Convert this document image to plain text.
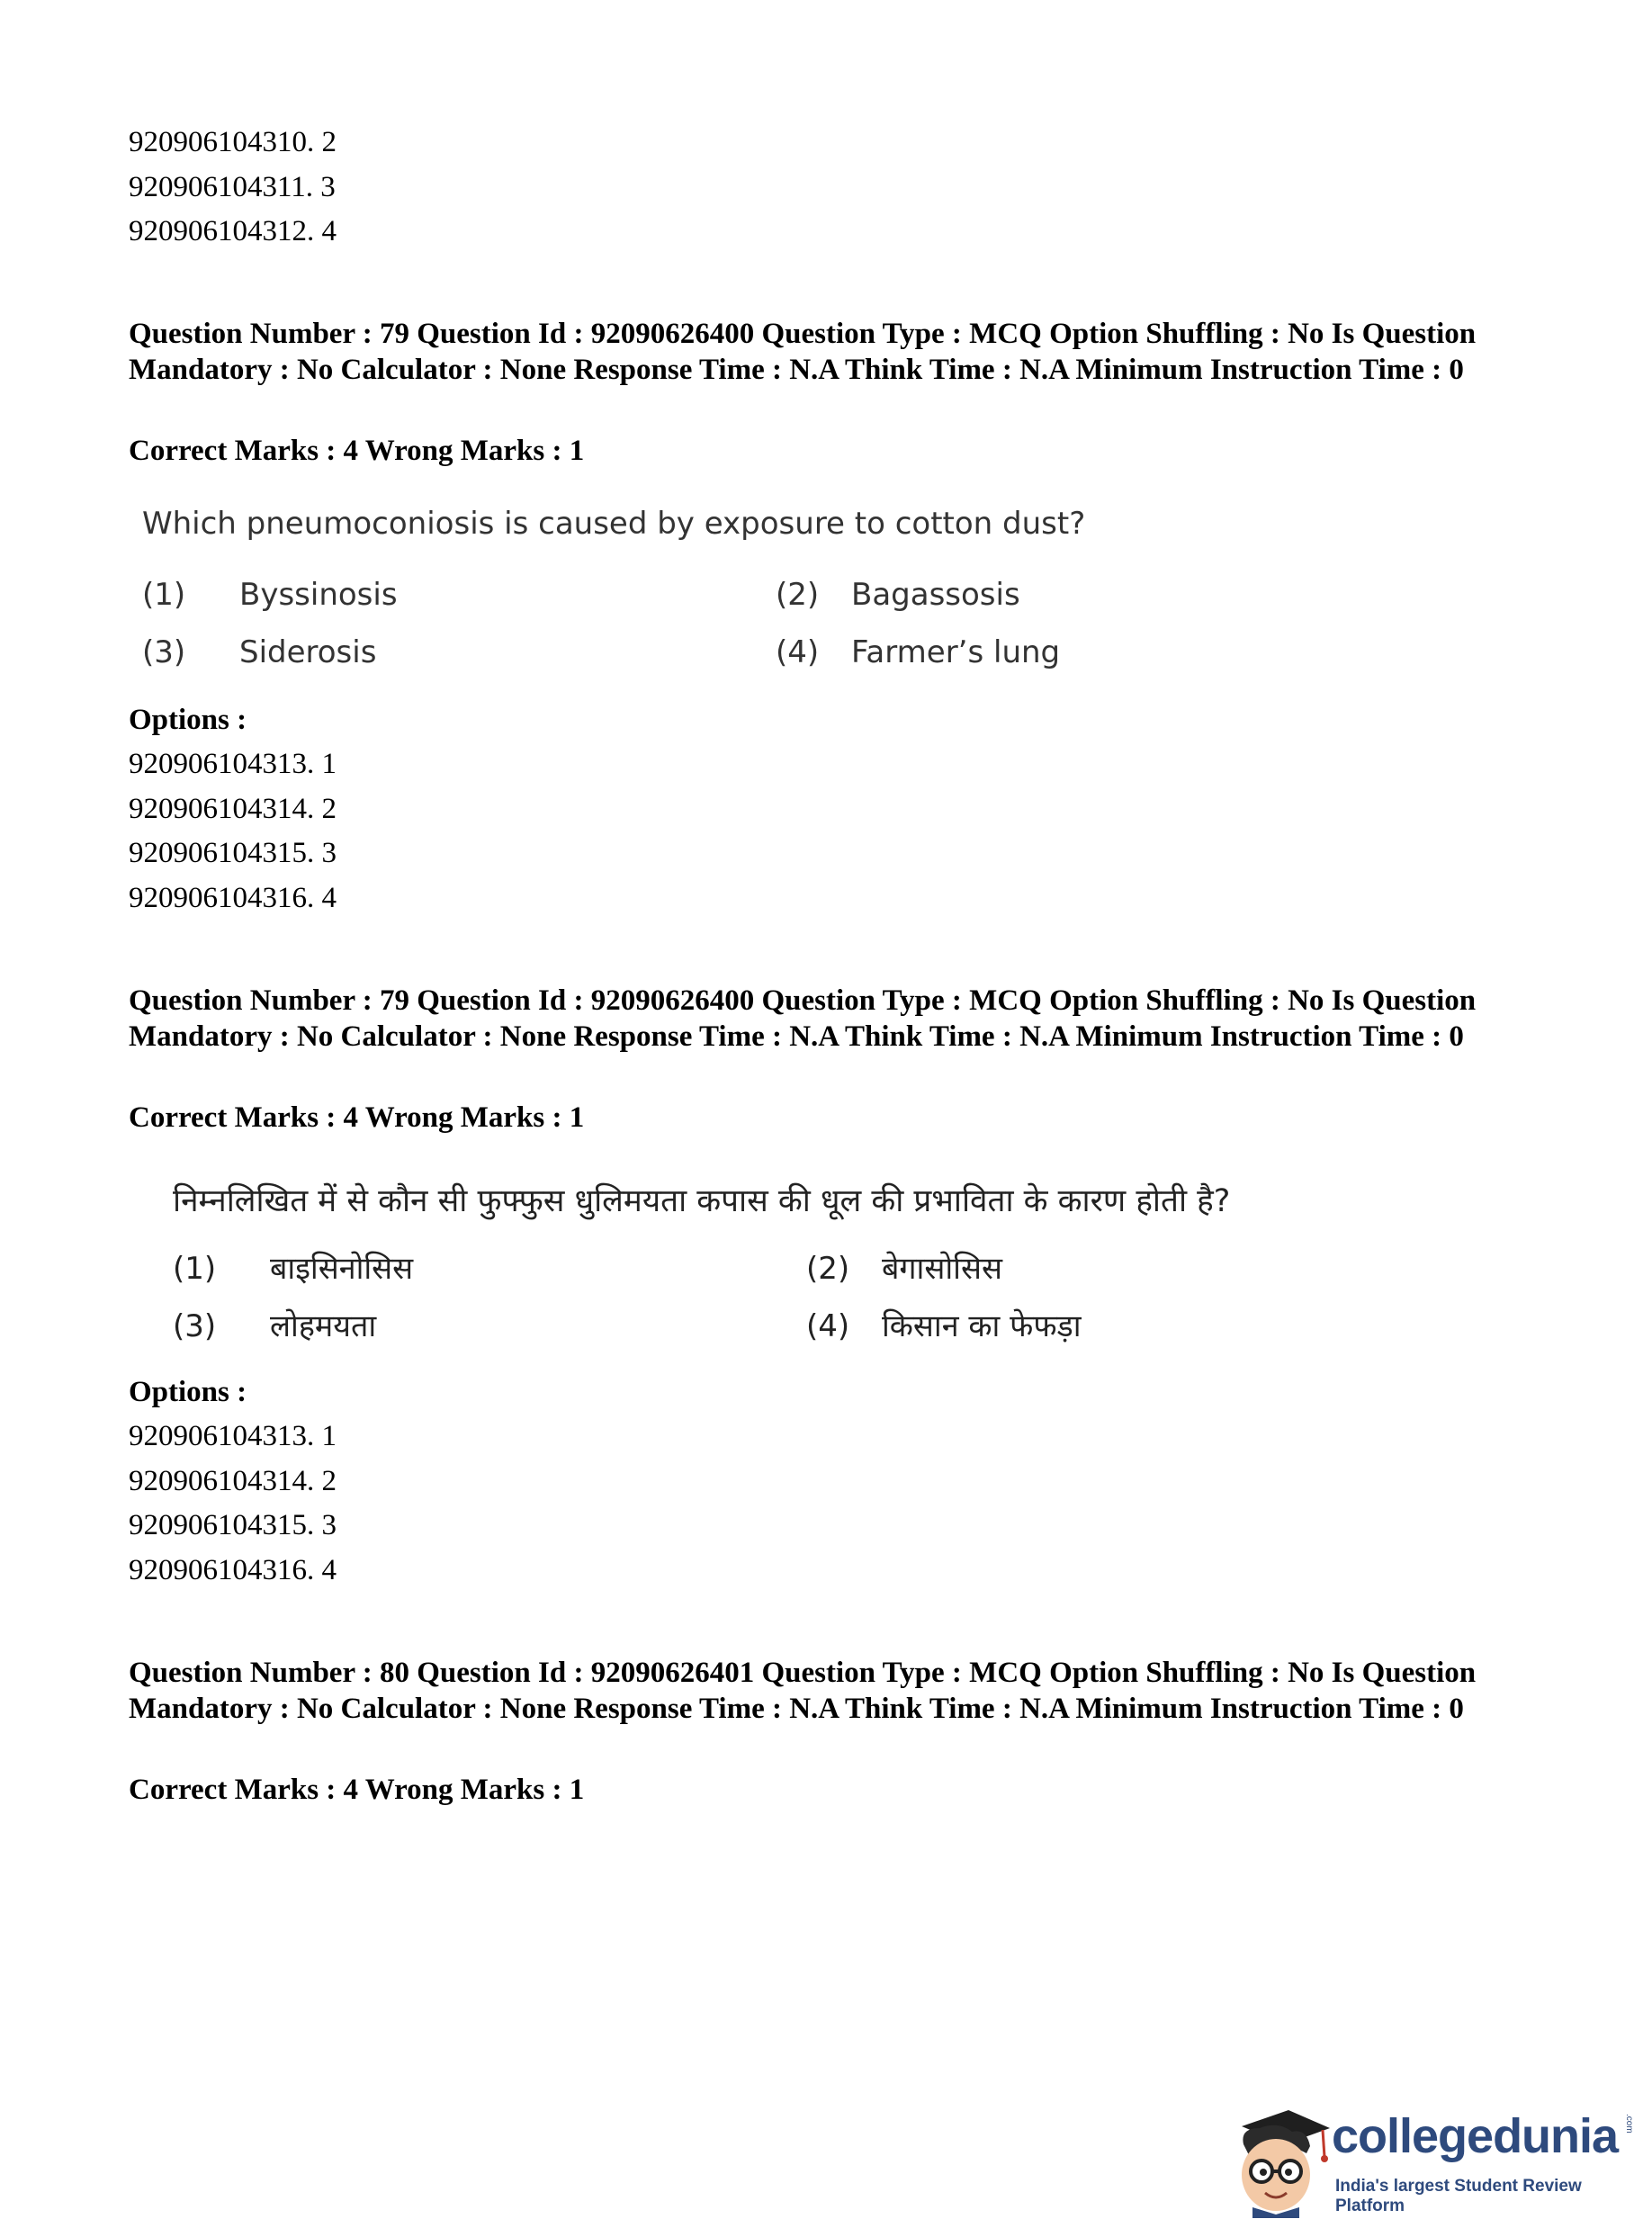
920906104310. 2
920906104311. 3
920906104312. 4
Question Number : 79 Question Id : 92090626400 Question Type : MCQ Option Shuffling : No Is Question Mandatory : No Calculator : None Response Time : N.A Think Time : N.A Minimum Instruction Time : 0
Correct Marks : 4 Wrong Marks : 1
Which pneumoconiosis is caused by exposure to cotton dust?
(1) Byssinosis	(2) Bagassosis
(3) Siderosis	(4) Farmer’s lung
Options :
920906104313. 1
920906104314. 2
920906104315. 3
920906104316. 4
Question Number : 79 Question Id : 92090626400 Question Type : MCQ Option Shuffling : No Is Question Mandatory : No Calculator : None Response Time : N.A Think Time : N.A Minimum Instruction Time : 0
Correct Marks : 4 Wrong Marks : 1
निम्नलिखित में से कौन सी फुफ्फुस धुलिमयता कपास की धूल की प्रभाविता के कारण होती है?
(1) बाइसिनोसिस	(2) बेगासोसिस
(3) लोहमयता	(4) किसान का फेफड़ा
Options :
920906104313. 1
920906104314. 2
920906104315. 3
920906104316. 4
Question Number : 80 Question Id : 92090626401 Question Type : MCQ Option Shuffling : No Is Question Mandatory : No Calculator : None Response Time : N.A Think Time : N.A Minimum Instruction Time : 0
Correct Marks : 4 Wrong Marks : 1
collegedunia .com
India's largest Student Review Platform
